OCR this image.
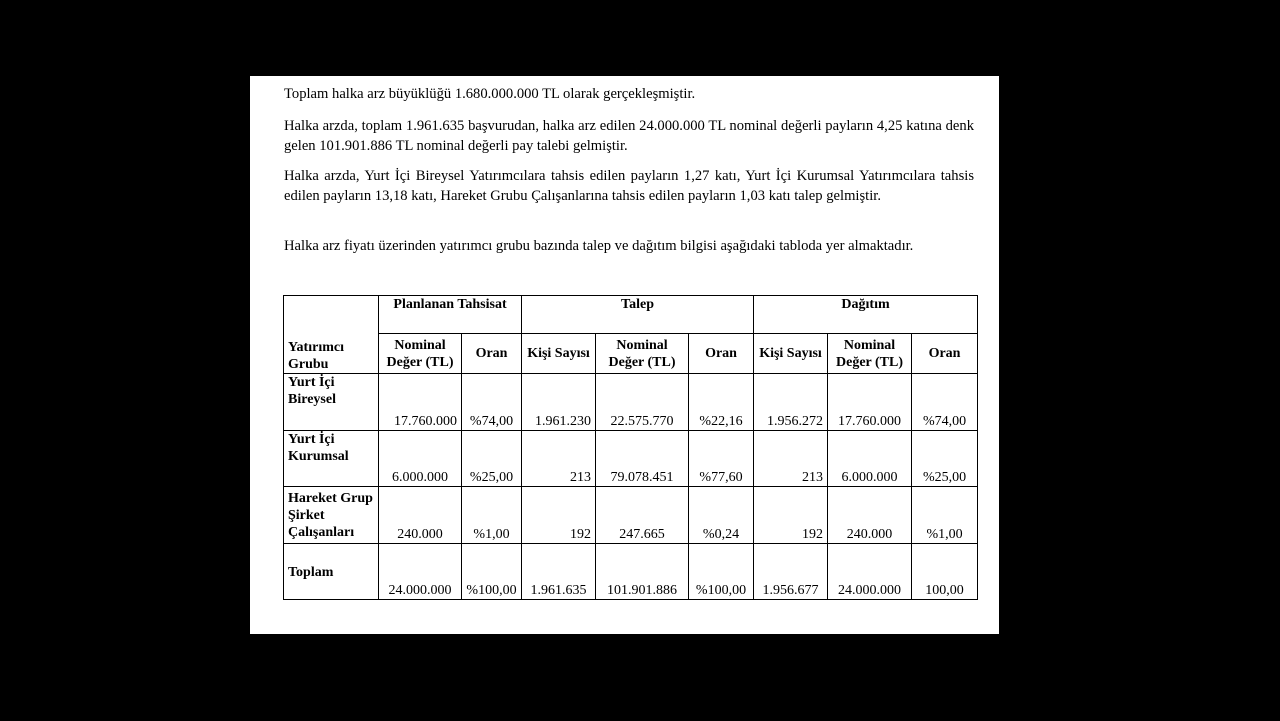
Toplam halka arz büyüklüğü 1.680.000.000 TL olarak gerçekleşmiştir.

Halka arzda, toplam 1.961.635 başvurudan, halka arz edilen 24.000.000 TL nominal değerli payların 4,25 katına denk gelen 101.901.886 TL nominal değerli pay talebi gelmiştir.

Halka arzda, Yurt İçi Bireysel Yatırımcılara tahsis edilen payların 1,27 katı, Yurt İçi Kurumsal Yatırımcılara tahsis edilen payların 13,18 katı, Hareket Grubu Çalışanlarına tahsis edilen payların 1,03 katı talep gelmiştir.

Halka arz fiyatı üzerinden yatırımcı grubu bazında talep ve dağıtım bilgisi aşağıdaki tabloda yer almaktadır.

Yatırımcı Grubu	Planlanan Tahsisat		Talep			Dağıtım		
	Nominal Değer (TL)	Oran	Kişi Sayısı	Nominal Değer (TL)	Oran	Kişi Sayısı	Nominal Değer (TL)	Oran
Yurt İçi
Bireysel	17.760.000	%74,00	1.961.230	22.575.770	%22,16	1.956.272	17.760.000	%74,00
Yurt İçi
Kurumsal	6.000.000	%25,00	213	79.078.451	%77,60	213	6.000.000	%25,00
Hareket Grup
Şirket
Çalışanları	240.000	%1,00	192	247.665	%0,24	192	240.000	%1,00
Toplam	24.000.000	%100,00	1.961.635	101.901.886	%100,00	1.956.677	24.000.000	100,00
